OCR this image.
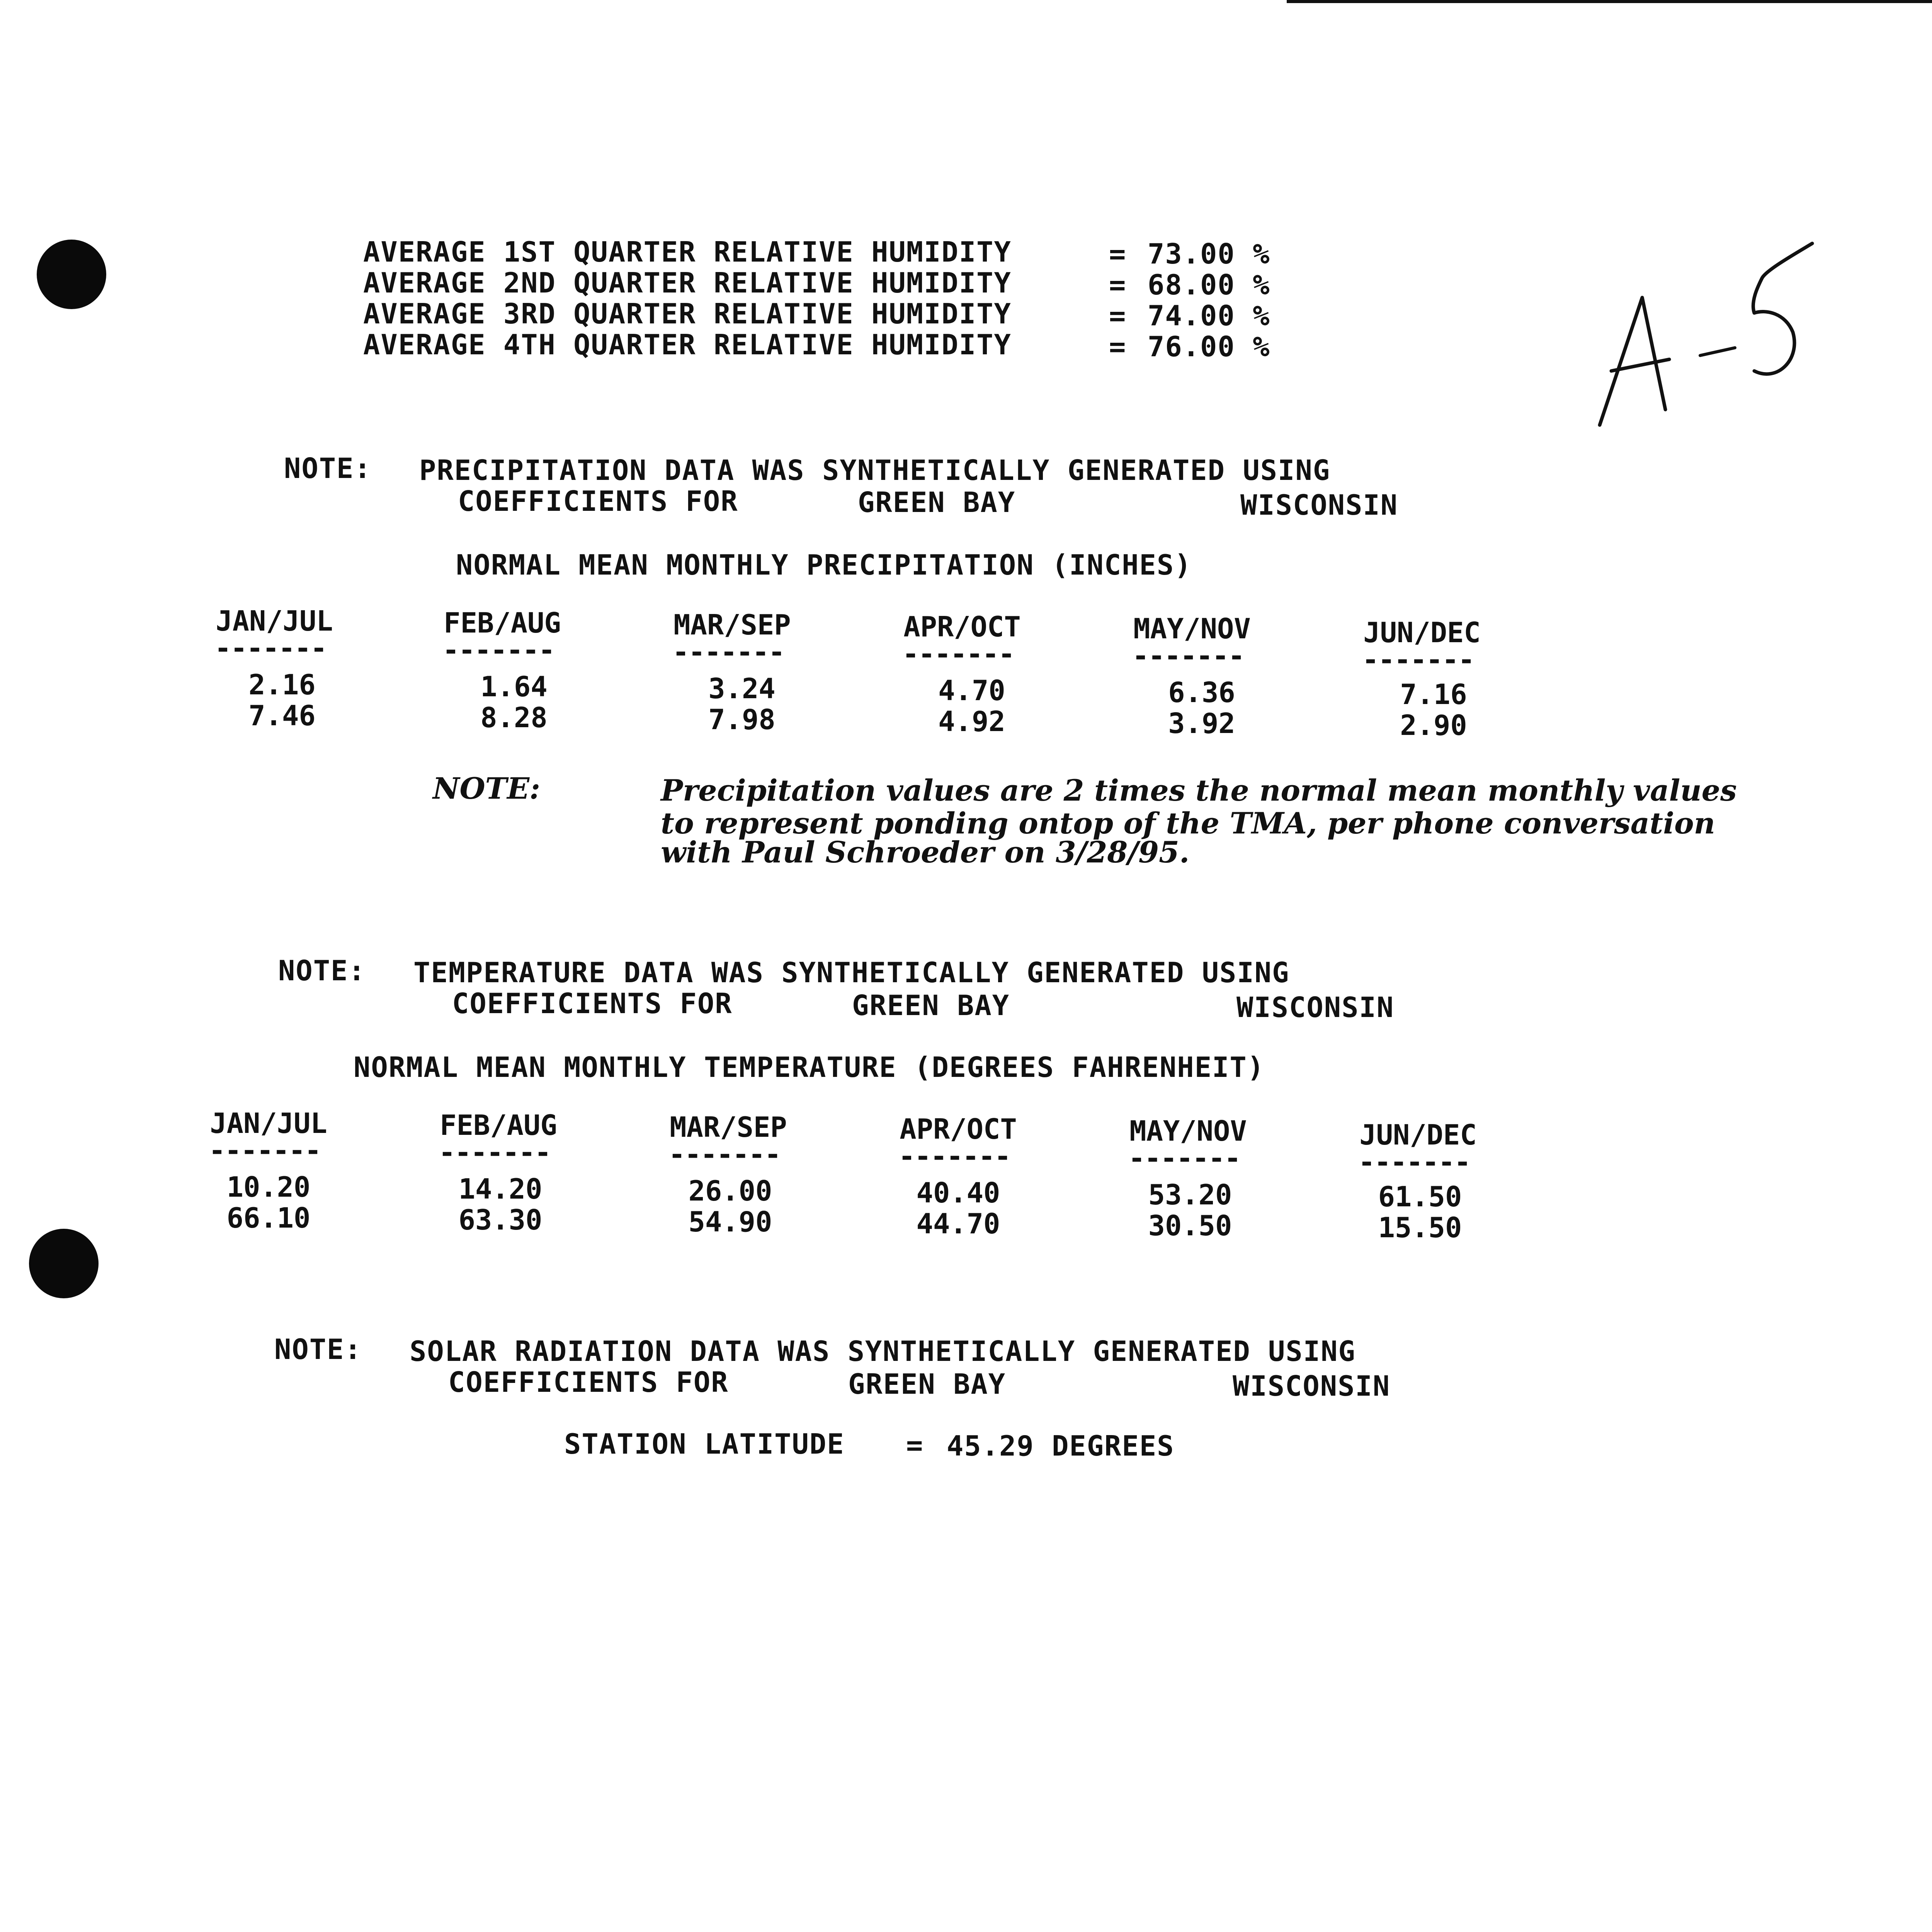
AVERAGE 1ST QUARTER RELATIVE HUMIDITY	= 73.00 %
AVERAGE 2ND QUARTER RELATIVE HUMIDITY	= 68.00 %
AVERAGE 3RD QUARTER RELATIVE HUMIDITY	= 74.00 %
AVERAGE 4TH QUARTER RELATIVE HUMIDITY	= 76.00 %
NOTE: PRECIPITATION DATA WAS SYNTHETICALLY GENERATED USING
COEFFICIENTS FOR	GREEN BAY	WISCONSIN
NORMAL MEAN MONTHLY PRECIPITATION (INCHES)
JAN/JUL	FEB/AUG	MAR/SEP	APR/OCT	MAY/NOV	JUN/DEC
-------	-------	-------	-------	-------	-------
2.16	1.64	3.24	4.70	6.36	7.16
7.46	8.28	7.98	4.92	3.92	2.90
NOTE:	Precipitation values are 2 times the normal mean monthly values
to represent ponding ontop of the TMA, per phone conversation
with Paul Schroeder on 3/28/95.
NOTE: TEMPERATURE DATA WAS SYNTHETICALLY GENERATED USING
COEFFICIENTS FOR	GREEN BAY	WISCONSIN
NORMAL MEAN MONTHLY TEMPERATURE (DEGREES FAHRENHEIT)
JAN/JUL	FEB/AUG	MAR/SEP	APR/OCT	MAY/NOV	JUN/DEC
-------	-------	-------	-------	-------	-------
10.20	14.20	26.00	40.40	53.20	61.50
66.10	63.30	54.90	44.70	30.50	15.50
NOTE: SOLAR RADIATION DATA WAS SYNTHETICALLY GENERATED USING
COEFFICIENTS FOR	GREEN BAY	WISCONSIN
STATION LATITUDE = 45.29 DEGREES
